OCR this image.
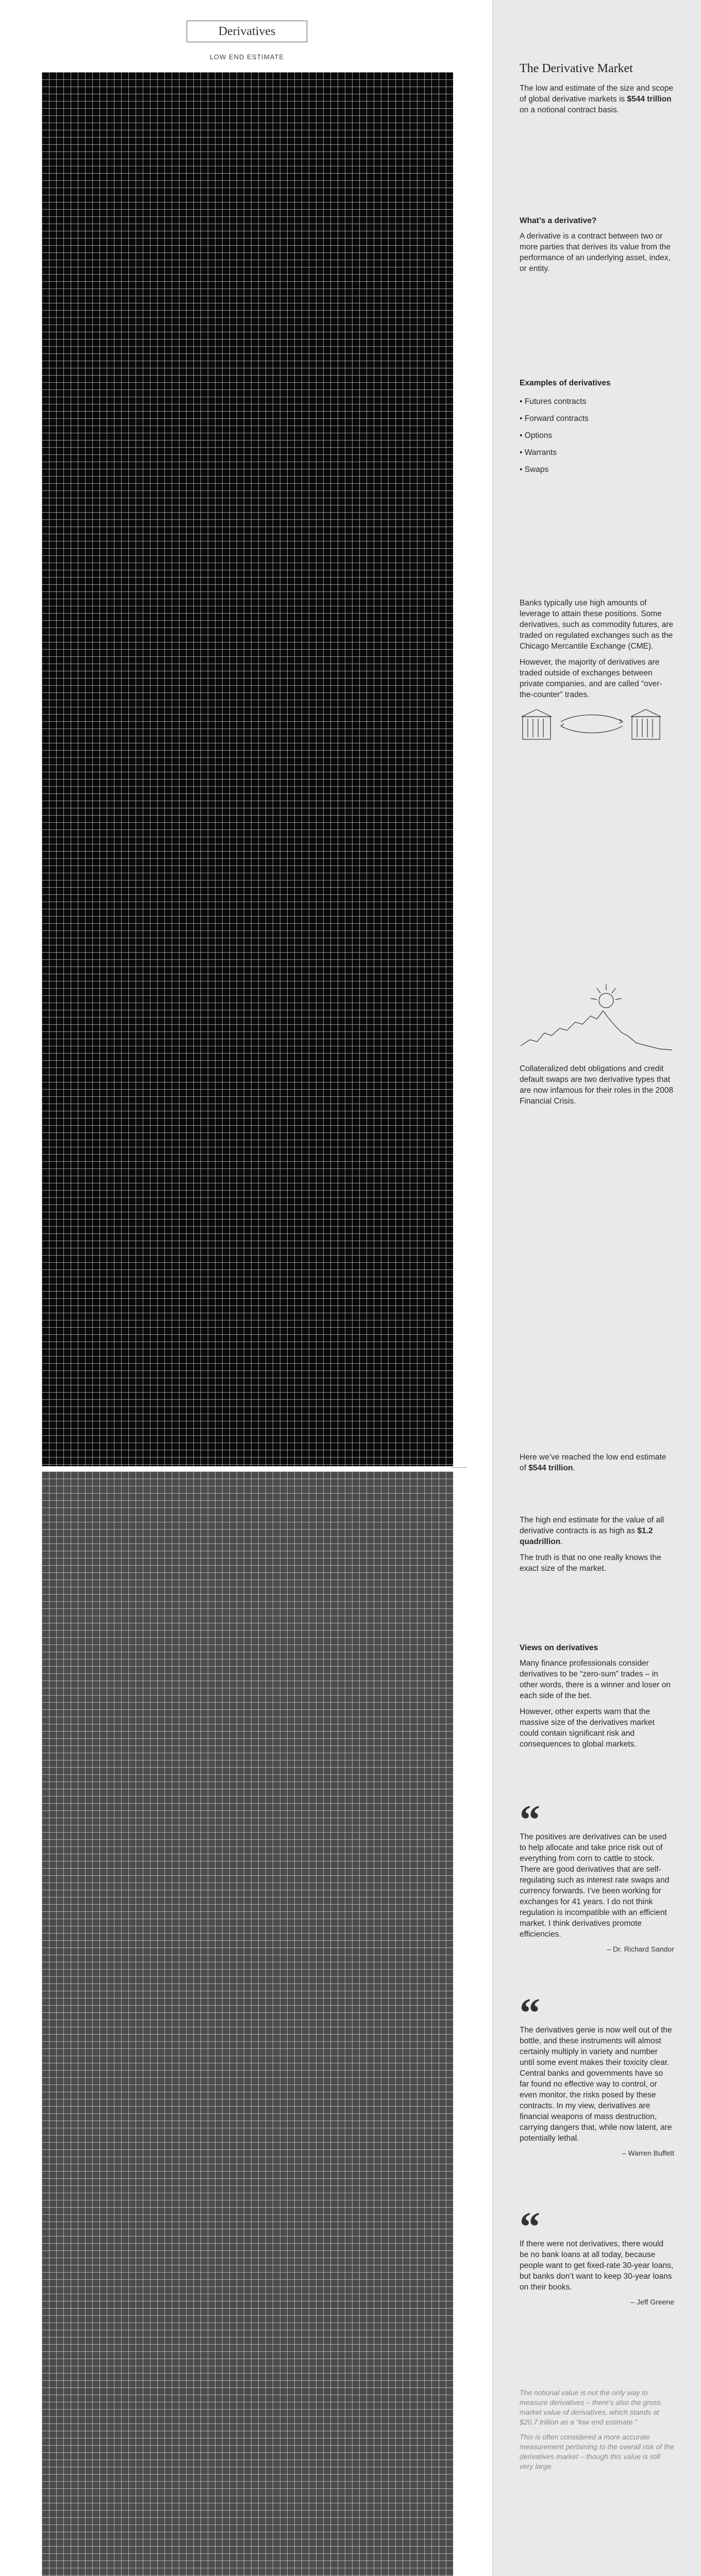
Derivatives
LOW END ESTIMATE
The Derivative Market

The low and estimate of the size and scope of global derivative markets is $544 trillion on a notional contract basis.

What’s a derivative?

A derivative is a contract between two or more parties that derives its value from the performance of an underlying asset, index, or entity.

Examples of derivatives
• Futures contracts
• Forward contracts
• Options
• Warrants
• Swaps

Banks typically use high amounts of leverage to attain these positions. Some derivatives, such as commodity futures, are traded on regulated exchanges such as the Chicago Mercantile Exchange (CME).

However, the majority of derivatives are traded outside of exchanges between private companies, and are called “over-the-counter” trades.

Collateralized debt obligations and credit default swaps are two derivative types that are now infamous for their roles in the 2008 Financial Crisis.

Here we’ve reached the low end estimate of $544 trillion.

The high end estimate for the value of all derivative contracts is as high as $1.2 quadrillion.

The truth is that no one really knows the exact size of the market.

Views on derivatives

Many finance professionals consider derivatives to be “zero-sum” trades – in other words, there is a winner and loser on each side of the bet.

However, other experts warn that the massive size of the derivatives market could contain significant risk and consequences to global markets.

“

The positives are derivatives can be used to help allocate and take price risk out of everything from corn to cattle to stock. There are good derivatives that are self-regulating such as interest rate swaps and currency forwards. I’ve been working for exchanges for 41 years. I do not think regulation is incompatible with an efficient market. I think derivatives promote efficiencies.

– Dr. Richard Sandor
“

The derivatives genie is now well out of the bottle, and these instruments will almost certainly multiply in variety and number until some event makes their toxicity clear. Central banks and governments have so far found no effective way to control, or even monitor, the risks posed by these contracts. In my view, derivatives are financial weapons of mass destruction, carrying dangers that, while now latent, are potentially lethal.

– Warren Buffett
“

If there were not derivatives, there would be no bank loans at all today, because people want to get fixed-rate 30-year loans, but banks don’t want to keep 30-year loans on their books.

– Jeff Greene

The notional value is not the only way to measure derivatives – there’s also the gross market value of derivatives, which stands at $20.7 trillion as a “low end estimate.”

This is often considered a more accurate measurement pertaining to the overall risk of the derivatives market – though this value is still very large.
